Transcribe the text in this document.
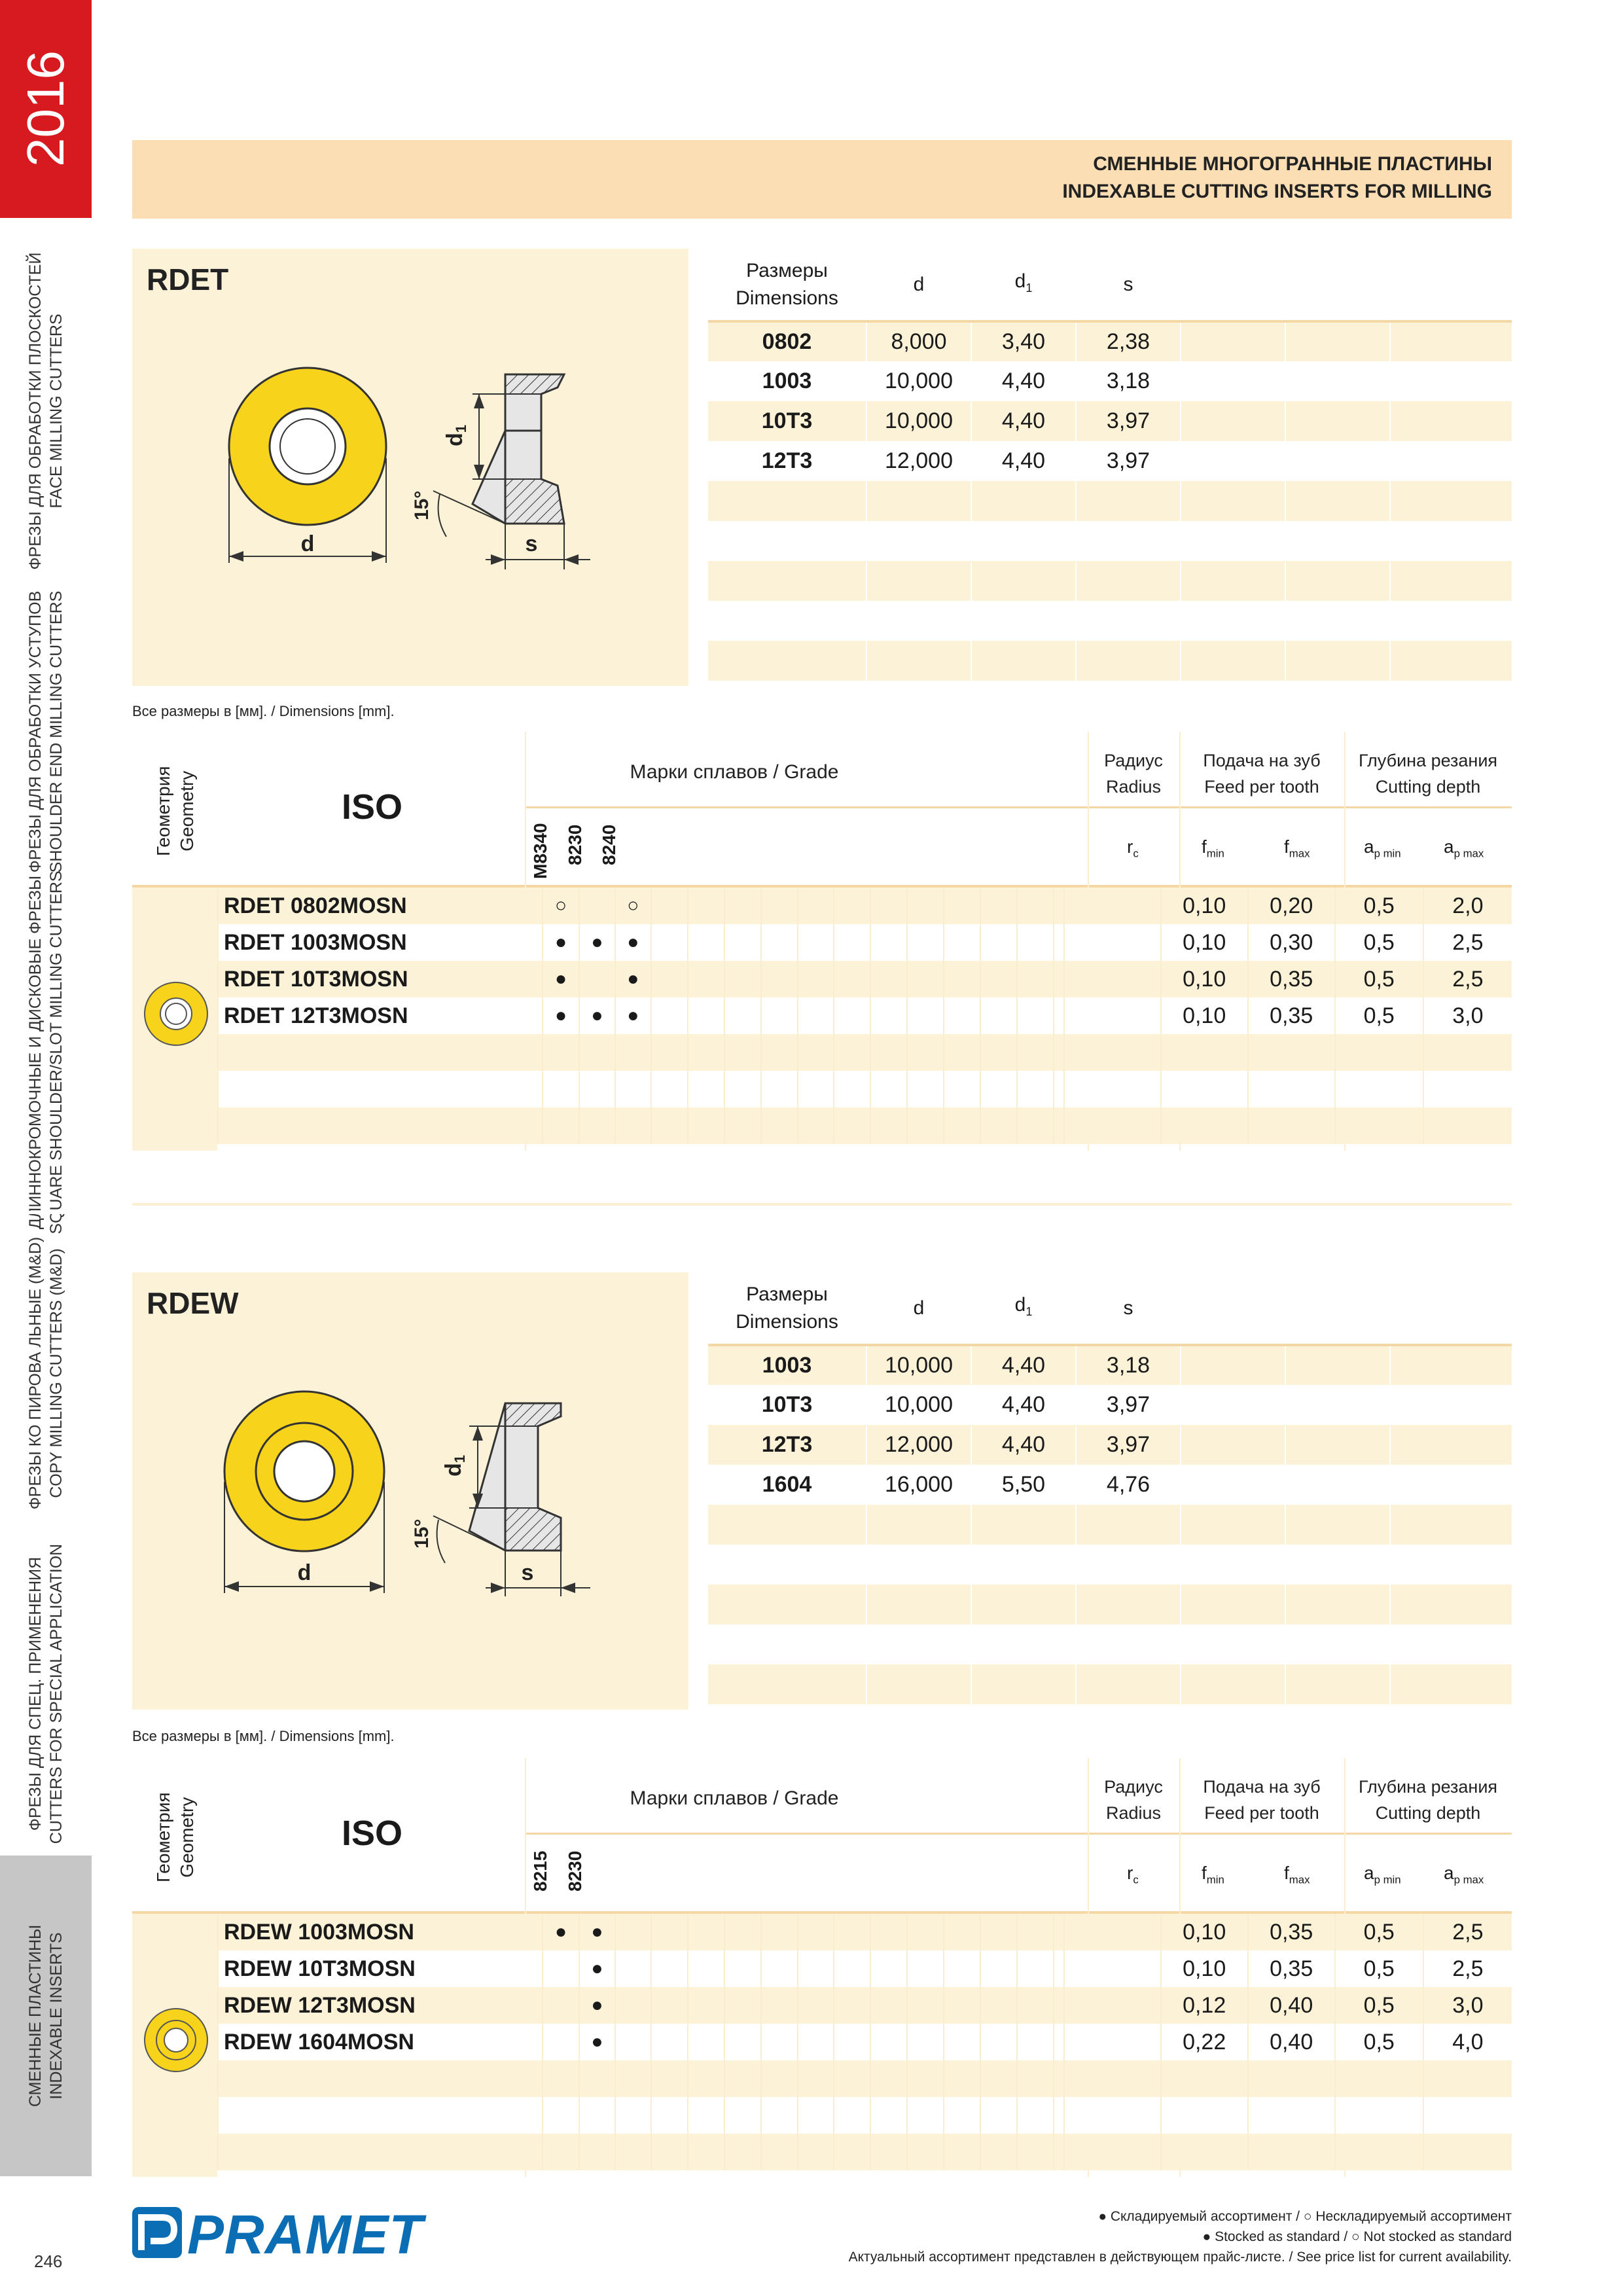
2016
ФРЕЗЫ ДЛЯ ОБРАБОТКИ ПЛОСКОСТЕЙ FACE MILLING CUTTERS
ФРЕЗЫ ДЛЯ ОБРАБОТКИ УСТУПОВ SHOULDER END MILLING CUTTERS
ДЛИННОКРОМОЧНЫЕ И ДИСКОВЫЕ ФРЕЗЫ SQUARE SHOULDER/SLOT MILLING CUTTERS
ФРЕЗЫ КО ПИРОВА ЛЬНЫЕ (M&D) COPY MILLING CUTTERS (M&D)
ФРЕЗЫ ДЛЯ СПЕЦ. ПРИМЕНЕНИЯ CUTTERS FOR SPECIAL APPLICATION
СМЕННЫЕ ПЛАСТИНЫ INDEXABLE INSERTS
246
СМЕННЫЕ МНОГОГРАННЫЕ ПЛАСТИНЫ
INDEXABLE CUTTING INSERTS FOR MILLING
RDET
d	s
d1
15°
Размеры
Dimensions	d	$d_1$	s			
0802	8,000	3,40	2,38			
1003	10,000	4,40	3,18			
10T3	10,000	4,40	3,97			
12T3	12,000	4,40	3,97			

Все размеры в [мм]. / Dimensions [mm].
Геометрия Geometry	ISO
Марки сплавов / Grade
Радиус
Radius
Подача на зуб
Feed per tooth
Глубина резания
Cutting depth
M8340 8230 8240	$r_c$	$f_{min}$	$f_{max}$	$a_{p min}$ $a_{p max}$
RDET 0802MOSN	○		○														0,10	0,20	0,5	2,0
RDET 1003MOSN	●	●	●														0,10	0,30	0,5	2,5
RDET 10T3MOSN	●		●														0,10	0,35	0,5	2,5
RDET 12T3MOSN	●	●	●														0,10	0,35	0,5	3,0

RDEW
d	s
d1
15°
Размеры
Dimensions	d	$d_1$	s			
1003	10,000	4,40	3,18			
10T3	10,000	4,40	3,97			
12T3	12,000	4,40	3,97			
1604	16,000	5,50	4,76			

Все размеры в [мм]. / Dimensions [mm].
Геометрия Geometry	ISO
Марки сплавов / Grade
Радиус
Radius
Подача на зуб
Feed per tooth
Глубина резания
Cutting depth
8215 8230	$r_c$	$f_{min}$	$f_{max}$	$a_{p min}$ $a_{p max}$
RDEW 1003MOSN	●	●															0,10	0,35	0,5	2,5
RDEW 10T3MOSN		●															0,10	0,35	0,5	2,5
RDEW 12T3MOSN		●															0,12	0,40	0,5	3,0
RDEW 1604MOSN		●															0,22	0,40	0,5	4,0

PRAMET	● Складируемый ассортимент / ○ Нескладируемый ассортимент
● Stocked as standard / ○ Not stocked as standard
Актуальный ассортимент представлен в действующем прайс-листе. / See price list for current availability.
